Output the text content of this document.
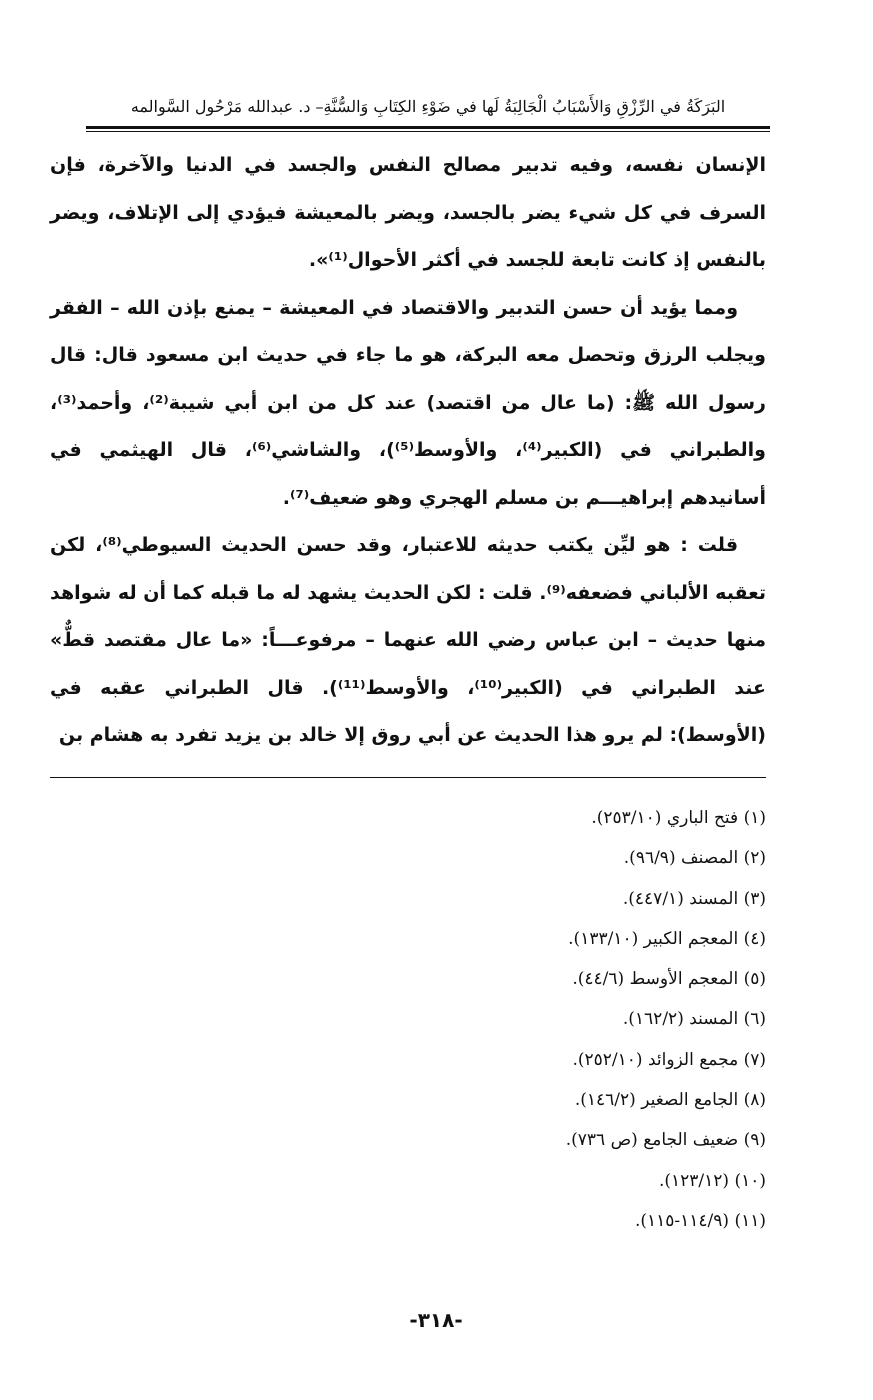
البَرَكَةُ في الرِّزْقِ وَالأَسْبَابُ الْجَالِبَةُ لَها في ضَوْءِ الكِتَابِ وَالسُّنَّةِ– د. عبدالله مَرْحُول السَّوالمه

الإنسان نفسه، وفيه تدبير مصالح النفس والجسد في الدنيا والآخرة، فإن السرف في كل شيء يضر بالجسد، ويضر بالمعيشة فيؤدي إلى الإتلاف، ويضر بالنفس إذ كانت تابعة للجسد في أكثر الأحوال⁽¹⁾».

ومما يؤيد أن حسن التدبير والاقتصاد في المعيشة – يمنع بإذن الله – الفقر ويجلب الرزق وتحصل معه البركة، هو ما جاء في حديث ابن مسعود قال: قال رسول الله ﷺ: (ما عال من اقتصد) عند كل من ابن أبي شيبة⁽²⁾، وأحمد⁽³⁾، والطبراني في (الكبير⁽⁴⁾، والأوسط⁽⁵⁾)، والشاشي⁽⁶⁾، قال الهيثمي في أسانيدهم إبراهيـــم بن مسلم الهجري وهو ضعيف⁽⁷⁾.

قلت : هو ليِّن يكتب حديثه للاعتبار، وقد حسن الحديث السيوطي⁽⁸⁾، لكن تعقبه الألباني فضعفه⁽⁹⁾. قلت : لكن الحديث يشهد له ما قبله كما أن له شواهد منها حديث – ابن عباس رضي الله عنهما – مرفوعـــاً: «ما عال مقتصد قطٌّ» عند الطبراني في (الكبير⁽¹⁰⁾، والأوسط⁽¹¹⁾). قال الطبراني عقبه في (الأوسط): لم يرو هذا الحديث عن أبي روق إلا خالد بن يزيد تفرد به هشام بن

(١) فتح الباري (٢٥٣/١٠).
(٢) المصنف (٩٦/٩).
(٣) المسند (٤٤٧/١).
(٤) المعجم الكبير (١٣٣/١٠).
(٥) المعجم الأوسط (٤٤/٦).
(٦) المسند (١٦٢/٢).
(٧) مجمع الزوائد (٢٥٢/١٠).
(٨) الجامع الصغير (١٤٦/٢).
(٩) ضعيف الجامع (ص ٧٣٦).
(١٠) (١٢٣/١٢).
(١١) (١١٤/٩-١١٥).
-٣١٨-
